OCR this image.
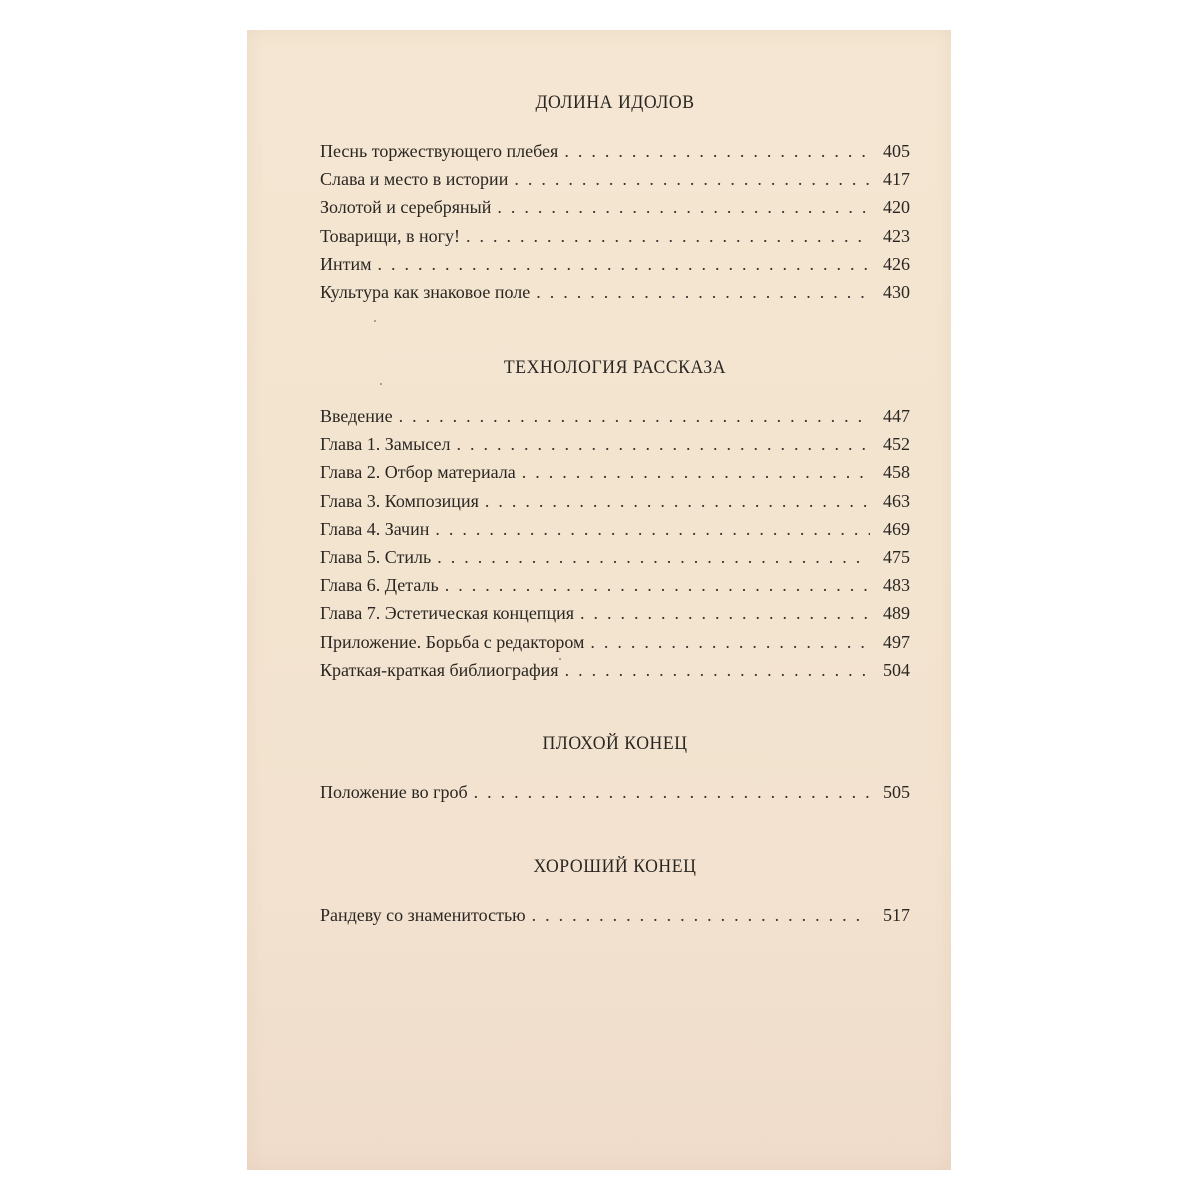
ДОЛИНА ИДОЛОВ
Песнь торжествующего плебея . . .	405
Слава и место в истории . . .	417
Золотой и серебряный . . .	420
Товарищи, в ногу! . . .	423
Интим . . .	426
Культура как знаковое поле . . .	430
ТЕХНОЛОГИЯ РАССКАЗА
Введение . . .	447
Глава 1. Замысел . . .	452
Глава 2. Отбор материала . . .	458
Глава 3. Композиция . . .	463
Глава 4. Зачин . . .	469
Глава 5. Стиль . . .	475
Глава 6. Деталь . . .	483
Глава 7. Эстетическая концепция . . .	489
Приложение. Борьба с редактором . . .	497
Краткая-краткая библиография . . .	504
ПЛОХОЙ КОНЕЦ
Положение во гроб . . .	505
ХОРОШИЙ КОНЕЦ
Рандеву со знаменитостью . . .	517
